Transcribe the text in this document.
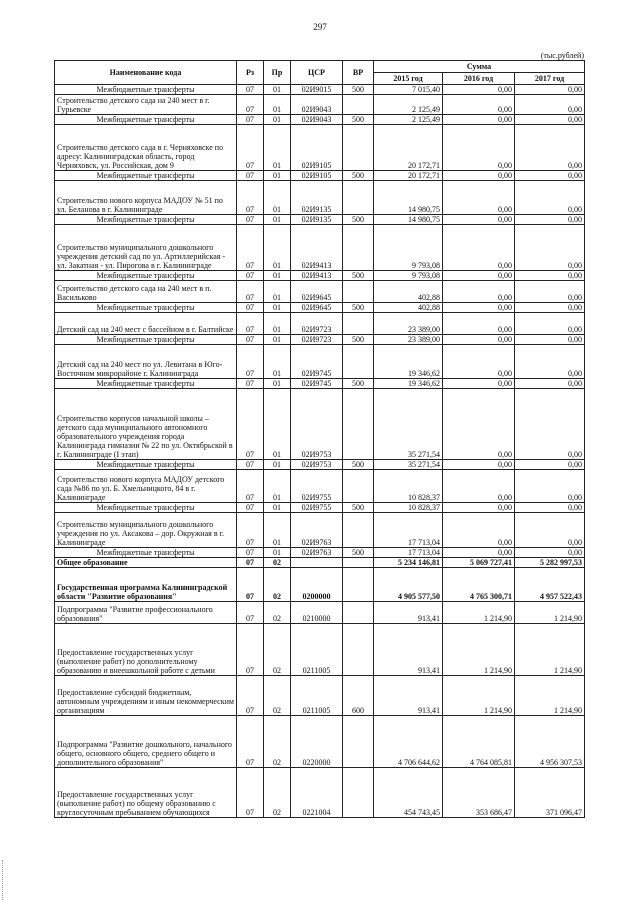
297
(тыс.рублей)
Наименование кода	Рз	Пр	ЦСР	ВР	Сумма		
					2015 год	2016 год	2017 год
Межбюджетные трансферты	07	01	02И9015	500	7 015,40	0,00	0,00
Строительство детского сада на 240 мест в г. Гурьевске	07	01	02И9043		2 125,49	0,00	0,00
Межбюджетные трансферты	07	01	02И9043	500	2 125,49	0,00	0,00
Строительство детского сада в г. Черняховске по адресу: Калининградская область, город Черняховск, ул. Российская, дом 9	07	01	02И9105		20 172,71	0,00	0,00
Межбюджетные трансферты	07	01	02И9105	500	20 172,71	0,00	0,00
Строительство нового корпуса МАДОУ № 51 по ул. Беланова в г. Калининграде	07	01	02И9135		14 980,75	0,00	0,00
Межбюджетные трансферты	07	01	02И9135	500	14 980,75	0,00	0,00
Строительство муниципального дошкольного учреждения детский сад по ул. Артиллерийская - ул. Закатная - ул. Пирогова в г. Калининграде	07	01	02И9413		9 793,08	0,00	0,00
Межбюджетные трансферты	07	01	02И9413	500	9 793,08	0,00	0,00
Строительство детского сада на 240 мест в п. Васильково	07	01	02И9645		402,88	0,00	0,00
Межбюджетные трансферты	07	01	02И9645	500	402,88	0,00	0,00
Детский сад на 240 мест с бассейном в г. Балтийске	07	01	02И9723		23 389,00	0,00	0,00
Межбюджетные трансферты	07	01	02И9723	500	23 389,00	0,00	0,00
Детский сад на 240 мест по ул. Левитана в Юго-Восточном микрорайоне г. Калининграда	07	01	02И9745		19 346,62	0,00	0,00
Межбюджетные трансферты	07	01	02И9745	500	19 346,62	0,00	0,00
Строительство корпусов начальной школы – детского сада муниципального автономного образовательного учреждения города Калининграда гимназии № 22 по ул. Октябрьской в г. Калининграде (I этап)	07	01	02И9753		35 271,54	0,00	0,00
Межбюджетные трансферты	07	01	02И9753	500	35 271,54	0,00	0,00
Строительство нового корпуса МАДОУ детского сада №86 по ул. Б. Хмельницкого, 84 в г. Калининграде	07	01	02И9755		10 828,37	0,00	0,00
Межбюджетные трансферты	07	01	02И9755	500	10 828,37	0,00	0,00
Строительство муниципального дошкольного учреждения по ул. Аксакова – дор. Окружная в г. Калининграде	07	01	02И9763		17 713,04	0,00	0,00
Межбюджетные трансферты	07	01	02И9763	500	17 713,04	0,00	0,00
Общее образование	07	02			5 234 146,81	5 069 727,41	5 282 997,53
Государственная программа Калининградской области "Развитие образования"	07	02	0200000		4 905 577,50	4 765 300,71	4 957 522,43
Подпрограмма "Развитие профессионального образования"	07	02	0210000		913,41	1 214,90	1 214,90
Предоставление государственных услуг (выполнение работ) по дополнительному образованию и внеешкольной работе с детьми	07	02	0211005		913,41	1 214,90	1 214,90
Предоставление субсидий бюджетным, автономным учреждениям и иным некоммерческим организациям	07	02	0211005	600	913,41	1 214,90	1 214,90
Подпрограмма "Развитие дошкольного, начального общего, основного общего, среднего общего и дополнительного образования"	07	02	0220000		4 706 644,62	4 764 085,81	4 956 307,53
Предоставление государственных услуг (выполнение работ) по общему образованию с круглосуточным пребыванием обучающихся	07	02	0221004		454 743,45	353 686,47	371 096,47
